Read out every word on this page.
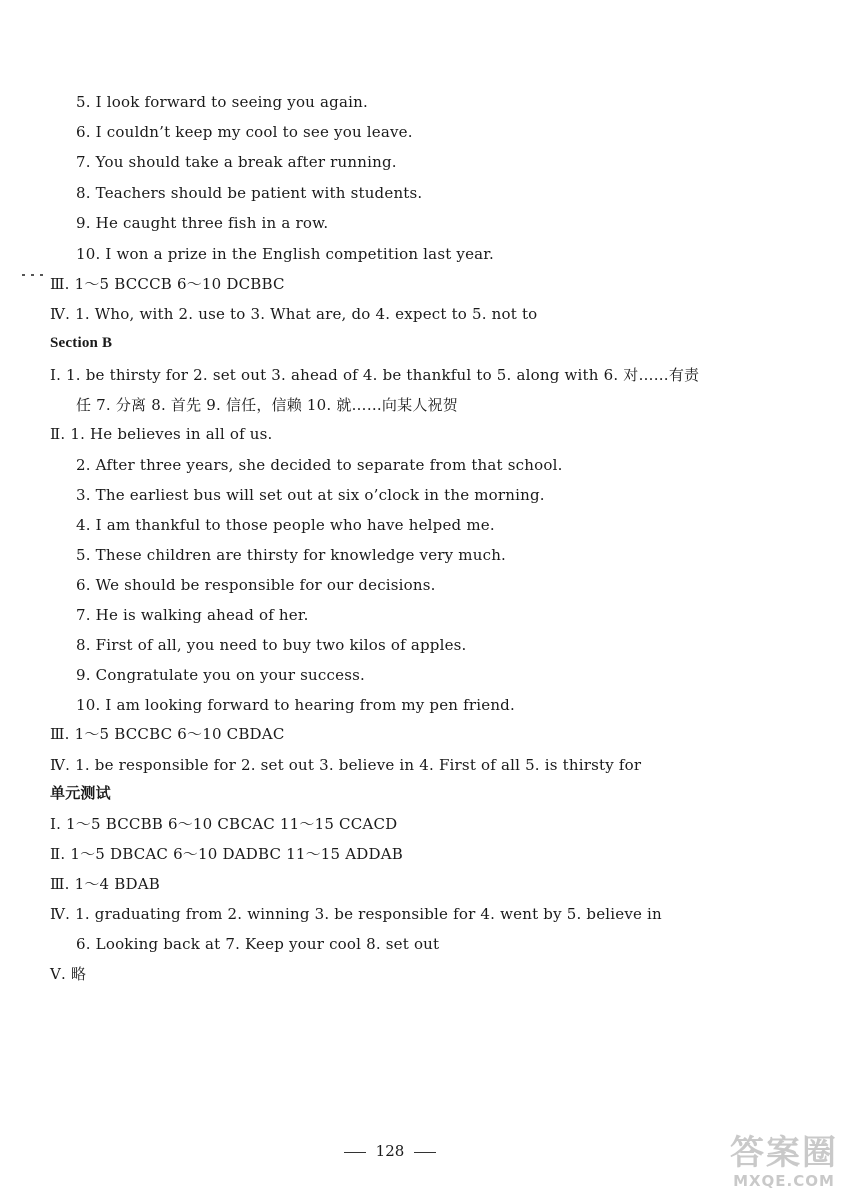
5. I look forward to seeing you again.
6. I couldn’t keep my cool to see you leave.
7. You should take a break after running.
8. Teachers should be patient with students.
9. He caught three fish in a row.
10. I won a prize in the English competition last year.
Ⅲ. 1～5 BCCCB 6～10 DCBBC
Ⅳ. 1. Who, with 2. use to 3. What are, do 4. expect to 5. not to
Section B
Ⅰ. 1. be thirsty for 2. set out 3. ahead of 4. be thankful to 5. along with 6. 对……有责
任 7. 分离 8. 首先 9. 信任，信赖 10. 就……向某人祝贺
Ⅱ. 1. He believes in all of us.
2. After three years, she decided to separate from that school.
3. The earliest bus will set out at six o’clock in the morning.
4. I am thankful to those people who have helped me.
5. These children are thirsty for knowledge very much.
6. We should be responsible for our decisions.
7. He is walking ahead of her.
8. First of all, you need to buy two kilos of apples.
9. Congratulate you on your success.
10. I am looking forward to hearing from my pen friend.
Ⅲ. 1～5 BCCBC 6～10 CBDAC
Ⅳ. 1. be responsible for 2. set out 3. believe in 4. First of all 5. is thirsty for
单元测试
Ⅰ. 1～5 BCCBB 6～10 CBCAC 11～15 CCACD
Ⅱ. 1～5 DBCAC 6～10 DADBC 11～15 ADDAB
Ⅲ. 1～4 BDAB
Ⅳ. 1. graduating from 2. winning 3. be responsible for 4. went by 5. believe in
6. Looking back at 7. Keep your cool 8. set out
Ⅴ. 略
128	答案圈
MXQE.COM
